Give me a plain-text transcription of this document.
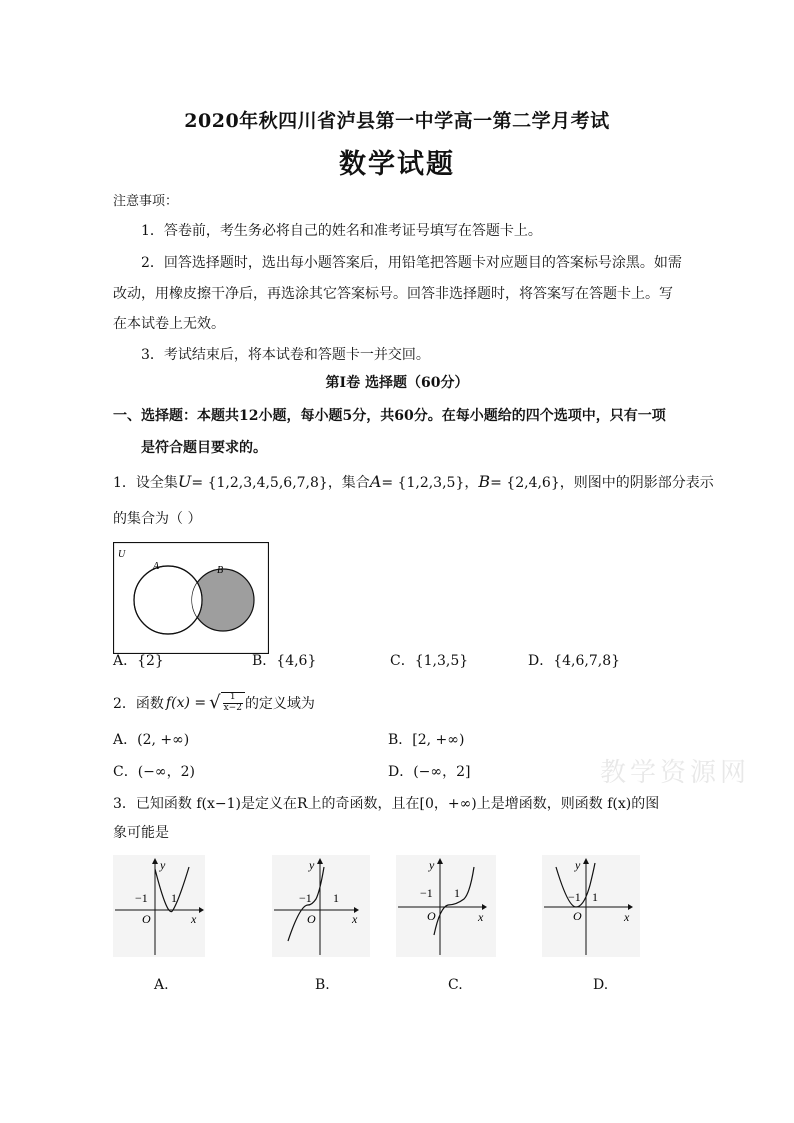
2020年秋四川省泸县第一中学高一第二学月考试
数学试题
注意事项：
1．答卷前，考生务必将自己的姓名和准考证号填写在答题卡上。
2．回答选择题时，选出每小题答案后，用铅笔把答题卡对应题目的答案标号涂黑。如需
改动，用橡皮擦干净后，再选涂其它答案标号。回答非选择题时，将答案写在答题卡上。写
在本试卷上无效。
3．考试结束后，将本试卷和答题卡一并交回。
第Ⅰ卷 选择题（60分）
一、选择题：本题共12小题，每小题5分，共60分。在每小题给的四个选项中，只有一项
是符合题目要求的。
1．设全集U= {1,2,3,4,5,6,7,8}，集合A= {1,2,3,5}，B= {2,4,6}，则图中的阴影部分表示
的集合为（ ）
U
A	B
A．{2}	B．{4,6}	C．{1,3,5}	D．{4,6,7,8}
2．函数 f(x) = √ $\frac{1}{x-2}$ 的定义域为
A．(2, +∞)	B．[2, +∞)
C．(−∞，2)	D．(−∞，2]	教学资源网
3．已知函数 f(x−1)是定义在R上的奇函数，且在[0，+∞)上是增函数，则函数 f(x)的图
象可能是
y
x
O
−1 1
y
x
O
−1 1
y
x
O
−1 1
y
x
O
−1 1
A.	B.	C.	D.
